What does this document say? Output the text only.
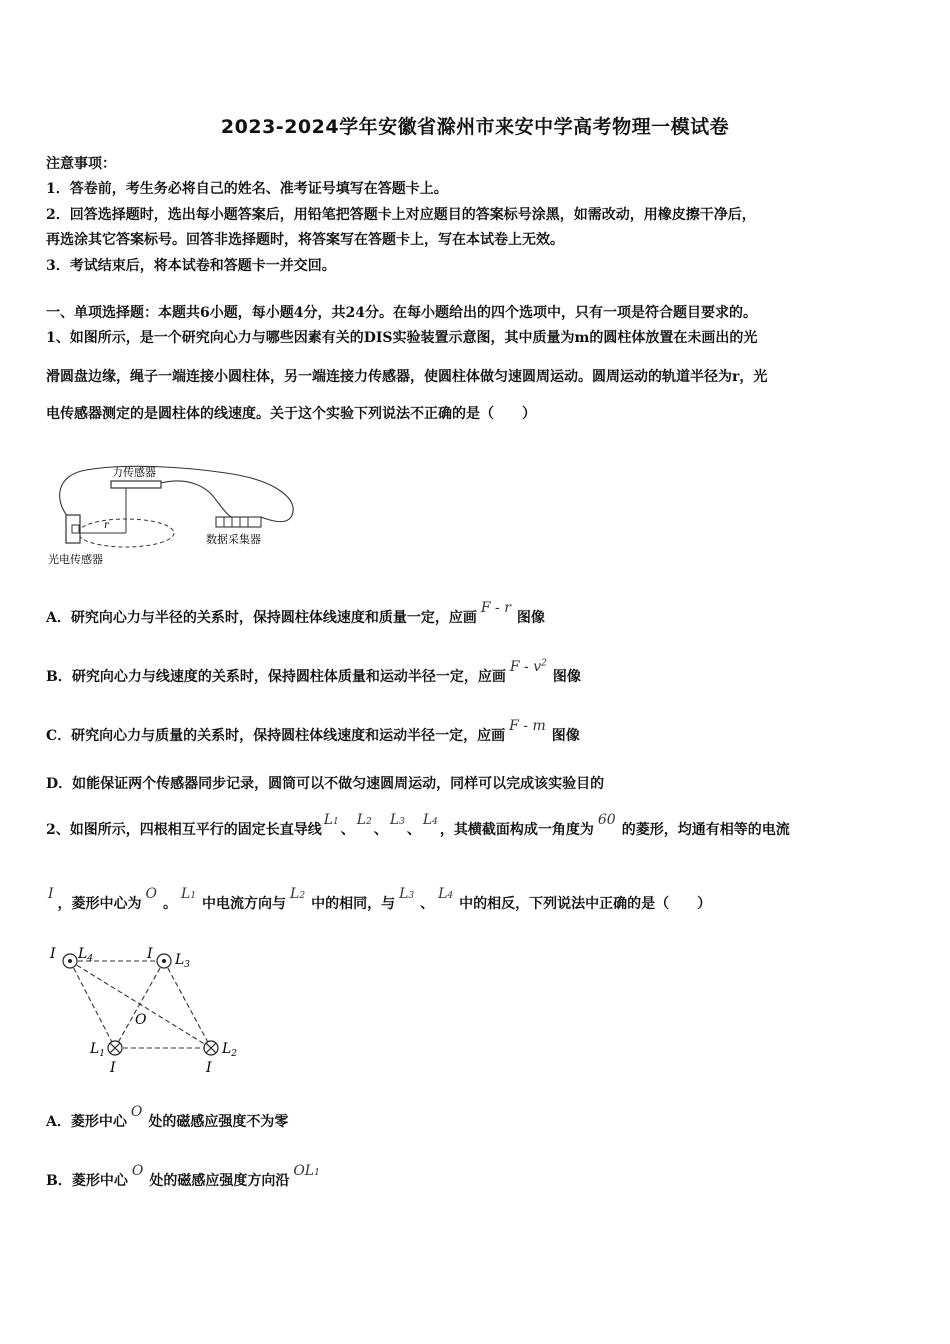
2023-2024学年安徽省滁州市来安中学高考物理一模试卷
注意事项：
1．答卷前，考生务必将自己的姓名、准考证号填写在答题卡上。
2．回答选择题时，选出每小题答案后，用铅笔把答题卡上对应题目的答案标号涂黑，如需改动，用橡皮擦干净后，
再选涂其它答案标号。回答非选择题时，将答案写在答题卡上，写在本试卷上无效。
3．考试结束后，将本试卷和答题卡一并交回。
一、单项选择题：本题共6小题，每小题4分，共24分。在每小题给出的四个选项中，只有一项是符合题目要求的。
1、如图所示，是一个研究向心力与哪些因素有关的DIS实验装置示意图，其中质量为m的圆柱体放置在未画出的光
滑圆盘边缘，绳子一端连接小圆柱体，另一端连接力传感器，使圆柱体做匀速圆周运动。圆周运动的轨道半径为r，光
电传感器测定的是圆柱体的线速度。关于这个实验下列说法不正确的是（　　）
力传感器
r
光电传感器
数据采集器
A．研究向心力与半径的关系时，保持圆柱体线速度和质量一定，应画F - r图像
B．研究向心力与线速度的关系时，保持圆柱体质量和运动半径一定，应画F - $v^2$图像
C．研究向心力与质量的关系时，保持圆柱体线速度和运动半径一定，应画F - m图像
D．如能保证两个传感器同步记录，圆筒可以不做匀速圆周运动，同样可以完成该实验目的
2、如图所示，四根相互平行的固定长直导线L1 、L2 、L3 、L4 ，其横截面构成一角度为60的菱形，均通有相等的电流
I，菱形中心为O。L1 中电流方向与L2 中的相同，与L3 、L4 中的相反，下列说法中正确的是（　　）
I $L_4$	I $L_3$
O
$L_1$	$L_2$
I	I
A．菱形中心O处的磁感应强度不为零
B．菱形中心O处的磁感应强度方向沿OL1
